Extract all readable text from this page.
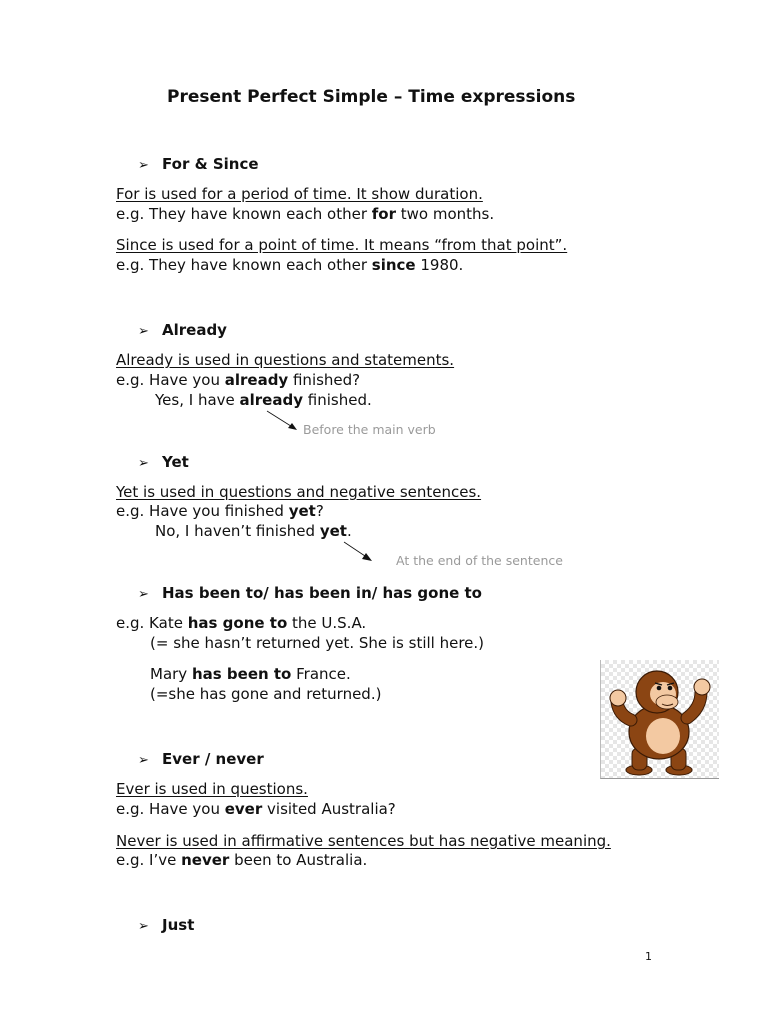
Present Perfect Simple – Time expressions
➢ For & Since
For is used for a period of time. It show duration.
e.g. They have known each other for two months.
Since is used for a point of time. It means “from that point”.
e.g. They have known each other since 1980.
➢ Already
Already is used in questions and statements.
e.g. Have you already finished?
Yes, I have already finished.
Before the main verb
➢ Yet
Yet is used in questions and negative sentences.
e.g. Have you finished yet?
No, I haven’t finished yet.
At the end of the sentence
➢ Has been to/ has been in/ has gone to
e.g. Kate has gone to the U.S.A.
(= she hasn’t returned yet. She is still here.)
Mary has been to France.
(=she has gone and returned.)
➢ Ever / never
Ever is used in questions.
e.g. Have you ever visited Australia?
Never is used in affirmative sentences but has negative meaning.
e.g. I’ve never been to Australia.
➢ Just
1
